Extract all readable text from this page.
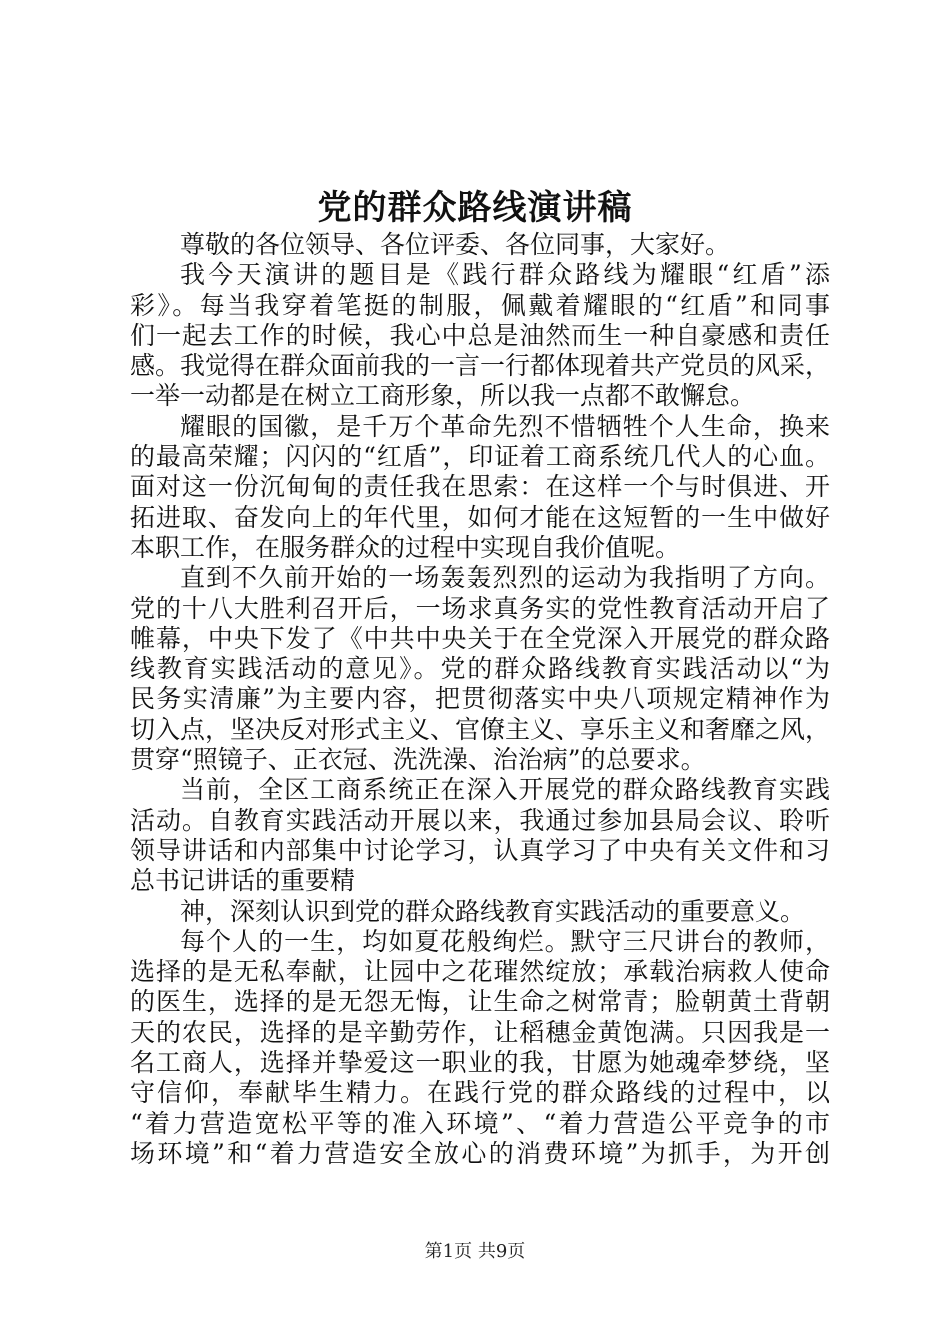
党的群众路线演讲稿
尊敬的各位领导、各位评委、各位同事，大家好。
我今天演讲的题目是《践行群众路线为耀眼“红盾”添
彩》。每当我穿着笔挺的制服，佩戴着耀眼的“红盾”和同事
们一起去工作的时候，我心中总是油然而生一种自豪感和责任
感。我觉得在群众面前我的一言一行都体现着共产党员的风采，
一举一动都是在树立工商形象，所以我一点都不敢懈怠。
耀眼的国徽，是千万个革命先烈不惜牺牲个人生命，换来
的最高荣耀；闪闪的“红盾”，印证着工商系统几代人的心血。
面对这一份沉甸甸的责任我在思索：在这样一个与时俱进、开
拓进取、奋发向上的年代里，如何才能在这短暂的一生中做好
本职工作，在服务群众的过程中实现自我价值呢。
直到不久前开始的一场轰轰烈烈的运动为我指明了方向。
党的十八大胜利召开后，一场求真务实的党性教育活动开启了
帷幕，中央下发了《中共中央关于在全党深入开展党的群众路
线教育实践活动的意见》。党的群众路线教育实践活动以“为
民务实清廉”为主要内容，把贯彻落实中央八项规定精神作为
切入点，坚决反对形式主义、官僚主义、享乐主义和奢靡之风，
贯穿“照镜子、正衣冠、洗洗澡、治治病”的总要求。
当前，全区工商系统正在深入开展党的群众路线教育实践
活动。自教育实践活动开展以来，我通过参加县局会议、聆听
领导讲话和内部集中讨论学习，认真学习了中央有关文件和习
总书记讲话的重要精
神，深刻认识到党的群众路线教育实践活动的重要意义。
每个人的一生，均如夏花般绚烂。默守三尺讲台的教师，
选择的是无私奉献，让园中之花璀然绽放；承载治病救人使命
的医生，选择的是无怨无悔，让生命之树常青；脸朝黄土背朝
天的农民，选择的是辛勤劳作，让稻穗金黄饱满。只因我是一
名工商人，选择并挚爱这一职业的我，甘愿为她魂牵梦绕，坚
守信仰，奉献毕生精力。在践行党的群众路线的过程中，以
“着力营造宽松平等的准入环境”、“着力营造公平竞争的市
场环境”和“着力营造安全放心的消费环境”为抓手，为开创
第1页 共9页
